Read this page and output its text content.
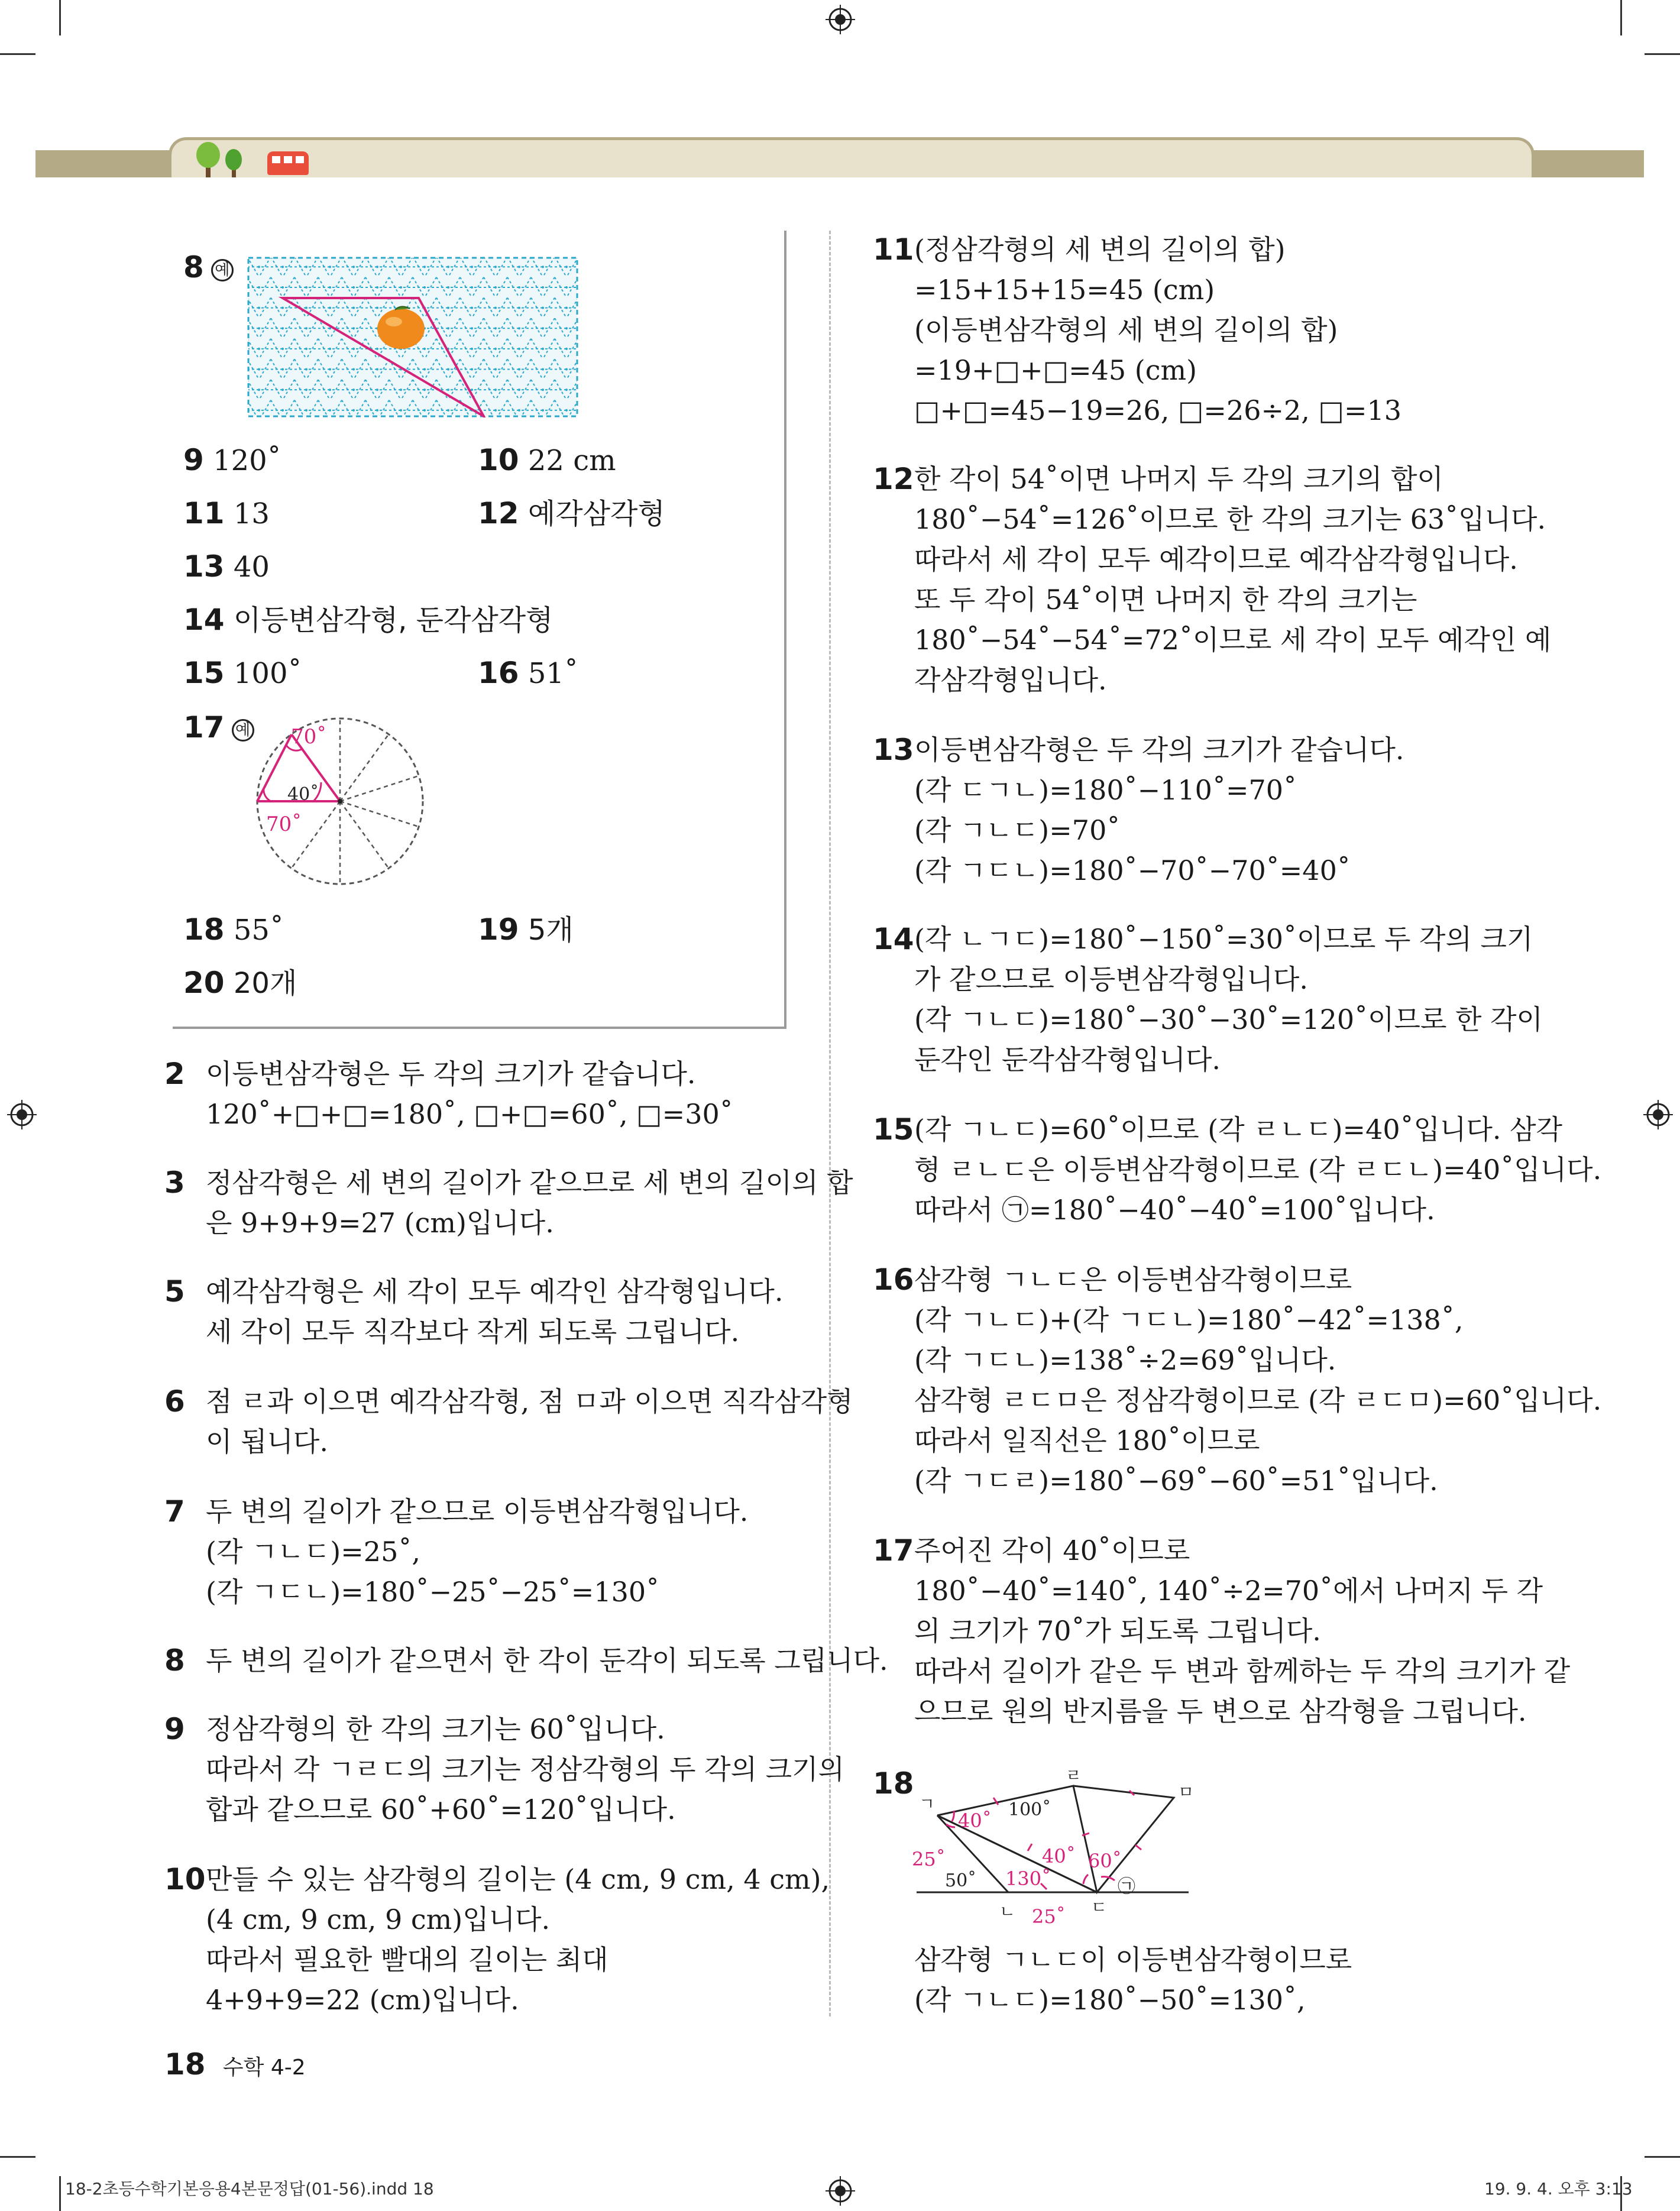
8 예
9 120˚	10 22 cm
11 13	12 예각삼각형
13 40
14 이등변삼각형, 둔각삼각형
15 100˚	16 51˚
17 예 70˚
40˚
70˚
18 55˚	19 5개
20 20개
2 이등변삼각형은 두 각의 크기가 같습니다.
120˚+□+□=180˚, □+□=60˚, □=30˚
3 정삼각형은 세 변의 길이가 같으므로 세 변의 길이의 합
은 9+9+9=27 (cm)입니다.
5 예각삼각형은 세 각이 모두 예각인 삼각형입니다.
세 각이 모두 직각보다 작게 되도록 그립니다.
6 점 ㄹ과 이으면 예각삼각형, 점 ㅁ과 이으면 직각삼각형
이 됩니다.
7 두 변의 길이가 같으므로 이등변삼각형입니다.
(각 ㄱㄴㄷ)=25˚,
(각 ㄱㄷㄴ)=180˚−25˚−25˚=130˚
8 두 변의 길이가 같으면서 한 각이 둔각이 되도록 그립니다.
9 정삼각형의 한 각의 크기는 60˚입니다.
따라서 각 ㄱㄹㄷ의 크기는 정삼각형의 두 각의 크기의
합과 같으므로 60˚+60˚=120˚입니다.
10 만들 수 있는 삼각형의 길이는 (4 cm, 9 cm, 4 cm),
(4 cm, 9 cm, 9 cm)입니다.
따라서 필요한 빨대의 길이는 최대
4+9+9=22 (cm)입니다.
11 (정삼각형의 세 변의 길이의 합)
=15+15+15=45 (cm)
(이등변삼각형의 세 변의 길이의 합)
=19+□+□=45 (cm)
□+□=45−19=26, □=26÷2, □=13
12 한 각이 54˚이면 나머지 두 각의 크기의 합이
180˚−54˚=126˚이므로 한 각의 크기는 63˚입니다.
따라서 세 각이 모두 예각이므로 예각삼각형입니다.
또 두 각이 54˚이면 나머지 한 각의 크기는
180˚−54˚−54˚=72˚이므로 세 각이 모두 예각인 예
각삼각형입니다.
13 이등변삼각형은 두 각의 크기가 같습니다.
(각 ㄷㄱㄴ)=180˚−110˚=70˚
(각 ㄱㄴㄷ)=70˚
(각 ㄱㄷㄴ)=180˚−70˚−70˚=40˚
14 (각 ㄴㄱㄷ)=180˚−150˚=30˚이므로 두 각의 크기
가 같으므로 이등변삼각형입니다.
(각 ㄱㄴㄷ)=180˚−30˚−30˚=120˚이므로 한 각이
둔각인 둔각삼각형입니다.
15 (각 ㄱㄴㄷ)=60˚이므로 (각 ㄹㄴㄷ)=40˚입니다. 삼각
형 ㄹㄴㄷ은 이등변삼각형이므로 (각 ㄹㄷㄴ)=40˚입니다.
따라서 ㉠=180˚−40˚−40˚=100˚입니다.
16 삼각형 ㄱㄴㄷ은 이등변삼각형이므로
(각 ㄱㄴㄷ)+(각 ㄱㄷㄴ)=180˚−42˚=138˚,
(각 ㄱㄷㄴ)=138˚÷2=69˚입니다.
삼각형 ㄹㄷㅁ은 정삼각형이므로 (각 ㄹㄷㅁ)=60˚입니다.
따라서 일직선은 180˚이므로
(각 ㄱㄷㄹ)=180˚−69˚−60˚=51˚입니다.
17 주어진 각이 40˚이므로
180˚−40˚=140˚, 140˚÷2=70˚에서 나머지 두 각
의 크기가 70˚가 되도록 그립니다.
따라서 길이가 같은 두 변과 함께하는 두 각의 크기가 같
으므로 원의 반지름을 두 변으로 삼각형을 그립니다.
18
ㄱ
ㄴ	ㄷ
ㄹ
ㅁ
㉠
40˚ 100˚
25˚
50˚ 130˚
40˚ 60˚
25˚
삼각형 ㄱㄴㄷ이 이등변삼각형이므로
(각 ㄱㄴㄷ)=180˚−50˚=130˚,
18 수학 4-2
18-2초등수학기본응용4본문정답(01-56).indd 18	19. 9. 4. 오후 3:13
